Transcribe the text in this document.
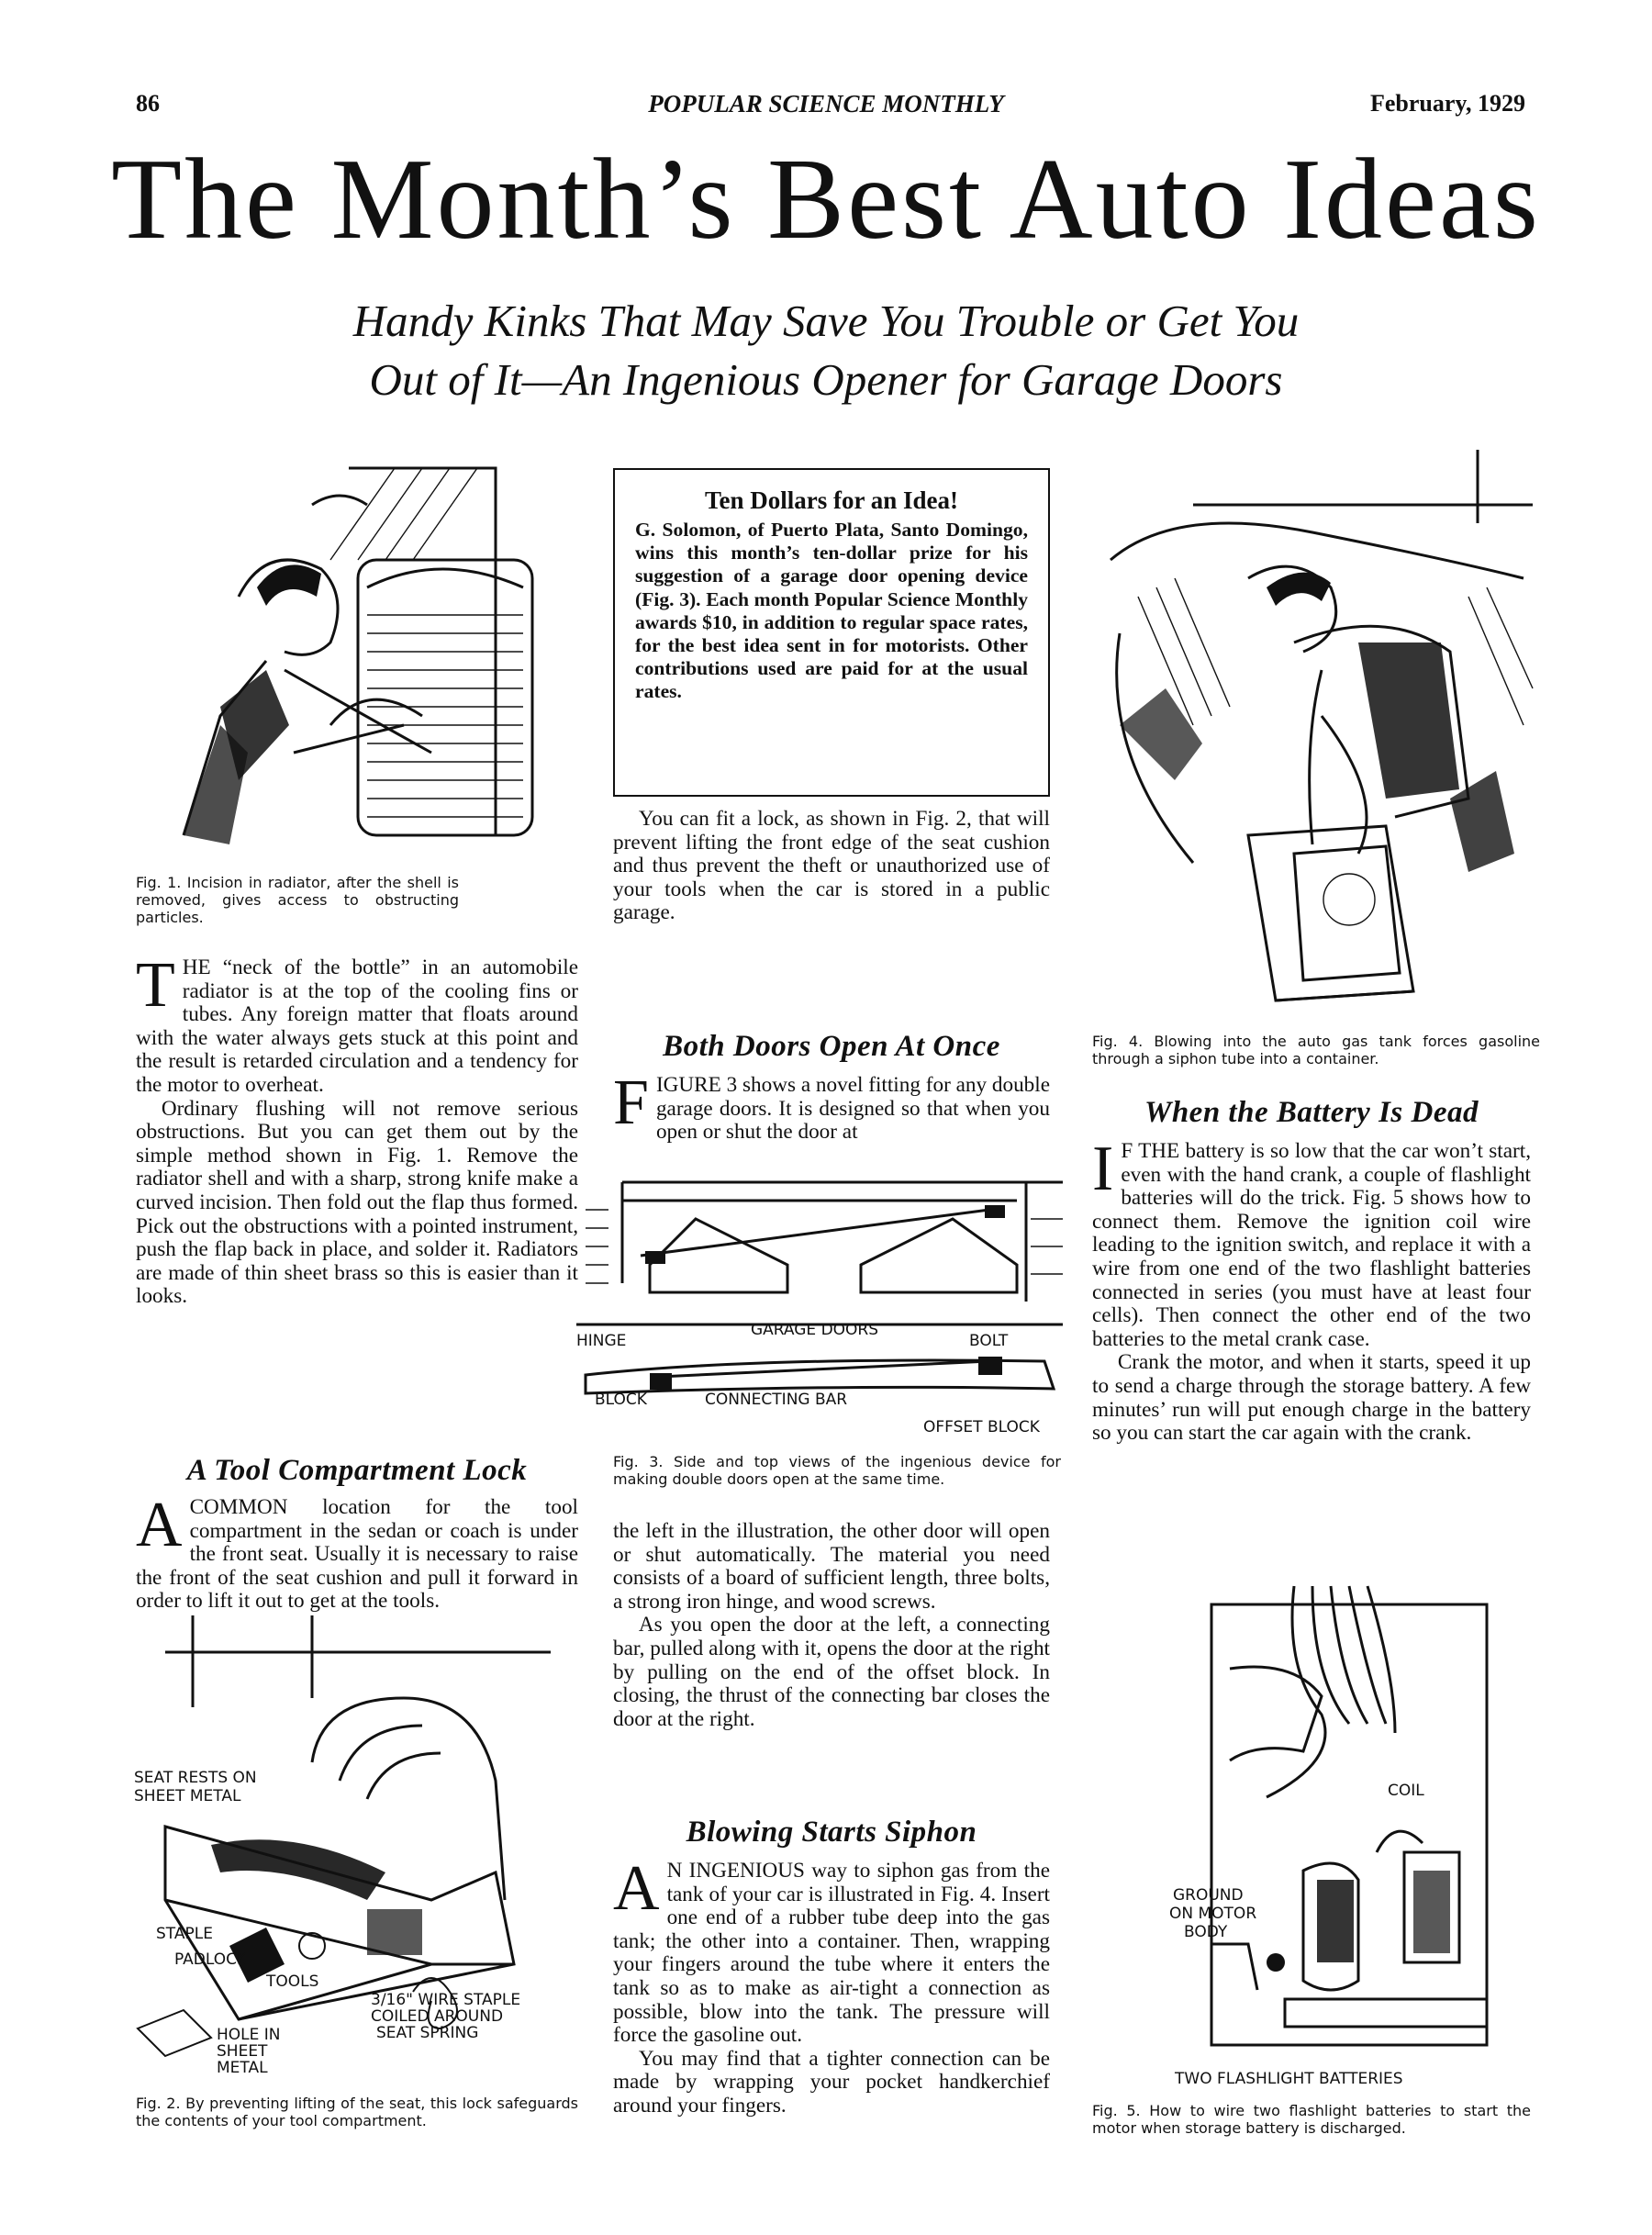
86	POPULAR SCIENCE MONTHLY	February, 1929
The Month’s Best Auto Ideas
Handy Kinks That May Save You Trouble or Get You
Out of It—An Ingenious Opener for Garage Doors
Fig. 1. Incision in radiator, after the shell is removed, gives access to obstructing particles.

THE “neck of the bottle” in an automobile radiator is at the top of the cooling fins or tubes. Any foreign matter that floats around with the water always gets stuck at this point and the result is retarded circulation and a tendency for the motor to overheat.

Ordinary flushing will not remove serious obstructions. But you can get them out by the simple method shown in Fig. 1. Remove the radiator shell and with a sharp, strong knife make a curved incision. Then fold out the flap thus formed. Pick out the obstructions with a pointed instrument, push the flap back in place, and solder it. Radiators are made of thin sheet brass so this is easier than it looks.

A Tool Compartment Lock

ACOMMON location for the tool compartment in the sedan or coach is under the front seat. Usually it is necessary to raise the front of the seat cushion and pull it forward in order to lift it out to get at the tools.

SEAT RESTS ON
SHEET METAL
STAPLE
PADLOCK
TOOLS
3/16" WIRE STAPLE
COILED AROUND
SEAT SPRING
HOLE IN
SHEET
METAL
Fig. 2. By preventing lifting of the seat, this lock safeguards the contents of your tool compartment.
Ten Dollars for an Idea!
G. Solomon, of Puerto Plata, Santo Domingo, wins this month’s ten-dollar prize for his suggestion of a garage door opening device (Fig. 3). Each month Popular Science Monthly awards $10, in addition to regular space rates, for the best idea sent in for motorists. Other contributions used are paid for at the usual rates.

You can fit a lock, as shown in Fig. 2, that will prevent lifting the front edge of the seat cushion and thus prevent the theft or unauthorized use of your tools when the car is stored in a public garage.

Both Doors Open At Once

FIGURE 3 shows a novel fitting for any double garage doors. It is designed so that when you open or shut the door at

HINGE
GARAGE DOORS
BOLT
BLOCK	CONNECTING BAR
OFFSET BLOCK
Fig. 3. Side and top views of the ingenious device for making double doors open at the same time.

the left in the illustration, the other door will open or shut automatically. The material you need consists of a board of sufficient length, three bolts, a strong iron hinge, and wood screws.

As you open the door at the left, a connecting bar, pulled along with it, opens the door at the right by pulling on the end of the offset block. In closing, the thrust of the connecting bar closes the door at the right.

Blowing Starts Siphon

A N INGENIOUS way to siphon gas from the tank of your car is illustrated in Fig. 4. Insert one end of a rubber tube deep into the gas tank; the other into a container. Then, wrapping your fingers around the tube where it enters the tank so as to make as air-tight a connection as possible, blow into the tank. The pressure will force the gasoline out.

You may find that a tighter connection can be made by wrapping your pocket handkerchief around your fingers.

Fig. 4. Blowing into the auto gas tank forces gasoline through a siphon tube into a container.
When the Battery Is Dead

I F THE battery is so low that the car won’t start, even with the hand crank, a couple of flashlight batteries will do the trick. Fig. 5 shows how to connect them. Remove the ignition coil wire leading to the ignition switch, and replace it with a wire from one end of the two flashlight batteries connected in series (you must have at least four cells). Then connect the other end of the two batteries to the metal crank case.

Crank the motor, and when it starts, speed it up to send a charge through the storage battery. A few minutes’ run will put enough charge in the battery so you can start the car again with the crank.

COIL
GROUND
ON MOTOR
BODY
TWO FLASHLIGHT BATTERIES
Fig. 5. How to wire two flashlight batteries to start the motor when storage battery is discharged.
